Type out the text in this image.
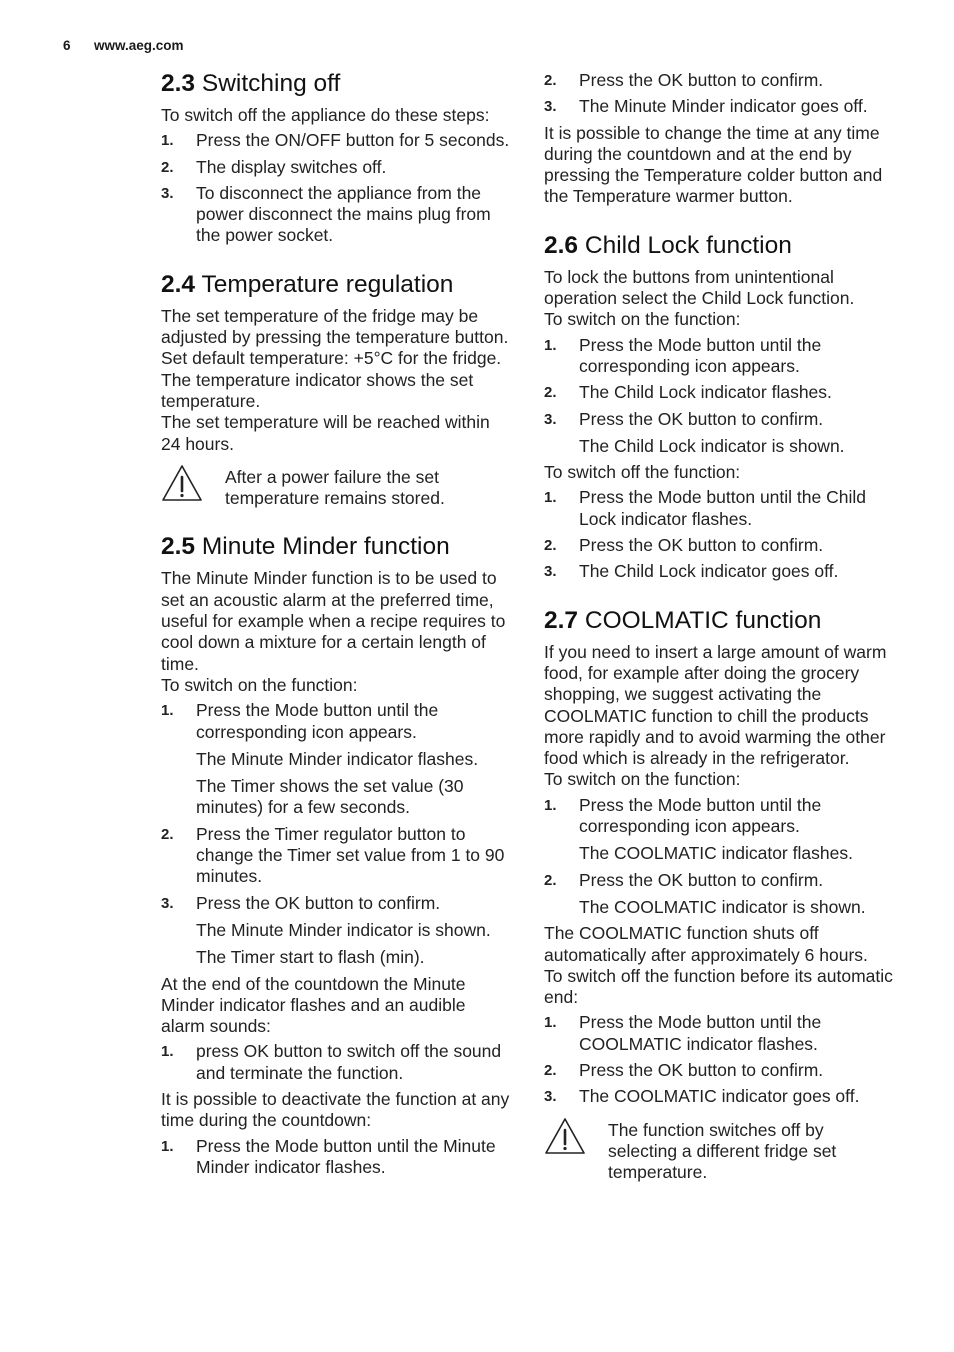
6 www.aeg.com
2.3 Switching off

To switch off the appliance do these steps:

1. Press the ON/OFF button for 5 seconds.
2. The display switches off.
3. To disconnect the appliance from the power disconnect the mains plug from the power socket.
2.4 Temperature regulation

The set temperature of the fridge may be adjusted by pressing the temperature button.

Set default temperature: +5°C for the fridge.

The temperature indicator shows the set temperature.

The set temperature will be reached within 24 hours.

After a power failure the set temperature remains stored.
2.5 Minute Minder function

The Minute Minder function is to be used to set an acoustic alarm at the preferred time, useful for example when a recipe requires to cool down a mixture for a certain length of time.

To switch on the function:

1. Press the Mode button until the corresponding icon appears.
The Minute Minder indicator flashes.
The Timer shows the set value (30 minutes) for a few seconds.
2. Press the Timer regulator button to change the Timer set value from 1 to 90 minutes.
3. Press the OK button to confirm.
The Minute Minder indicator is shown.
The Timer start to flash (min).

At the end of the countdown the Minute Minder indicator flashes and an audible alarm sounds:

1. press OK button to switch off the sound and terminate the function.

It is possible to deactivate the function at any time during the countdown:

1. Press the Mode button until the Minute Minder indicator flashes.
2. Press the OK button to confirm.
3. The Minute Minder indicator goes off.

It is possible to change the time at any time during the countdown and at the end by pressing the Temperature colder button and the Temperature warmer button.

2.6 Child Lock function

To lock the buttons from unintentional operation select the Child Lock function.

To switch on the function:

1. Press the Mode button until the corresponding icon appears.
2. The Child Lock indicator flashes.
3. Press the OK button to confirm.
The Child Lock indicator is shown.

To switch off the function:

1. Press the Mode button until the Child Lock indicator flashes.
2. Press the OK button to confirm.
3. The Child Lock indicator goes off.
2.7 COOLMATIC function

If you need to insert a large amount of warm food, for example after doing the grocery shopping, we suggest activating the COOLMATIC function to chill the products more rapidly and to avoid warming the other food which is already in the refrigerator.

To switch on the function:

1. Press the Mode button until the corresponding icon appears.
The COOLMATIC indicator flashes.
2. Press the OK button to confirm.
The COOLMATIC indicator is shown.

The COOLMATIC function shuts off automatically after approximately 6 hours.

To switch off the function before its automatic end:

1. Press the Mode button until the COOLMATIC indicator flashes.
2. Press the OK button to confirm.
3. The COOLMATIC indicator goes off.
The function switches off by selecting a different fridge set temperature.
